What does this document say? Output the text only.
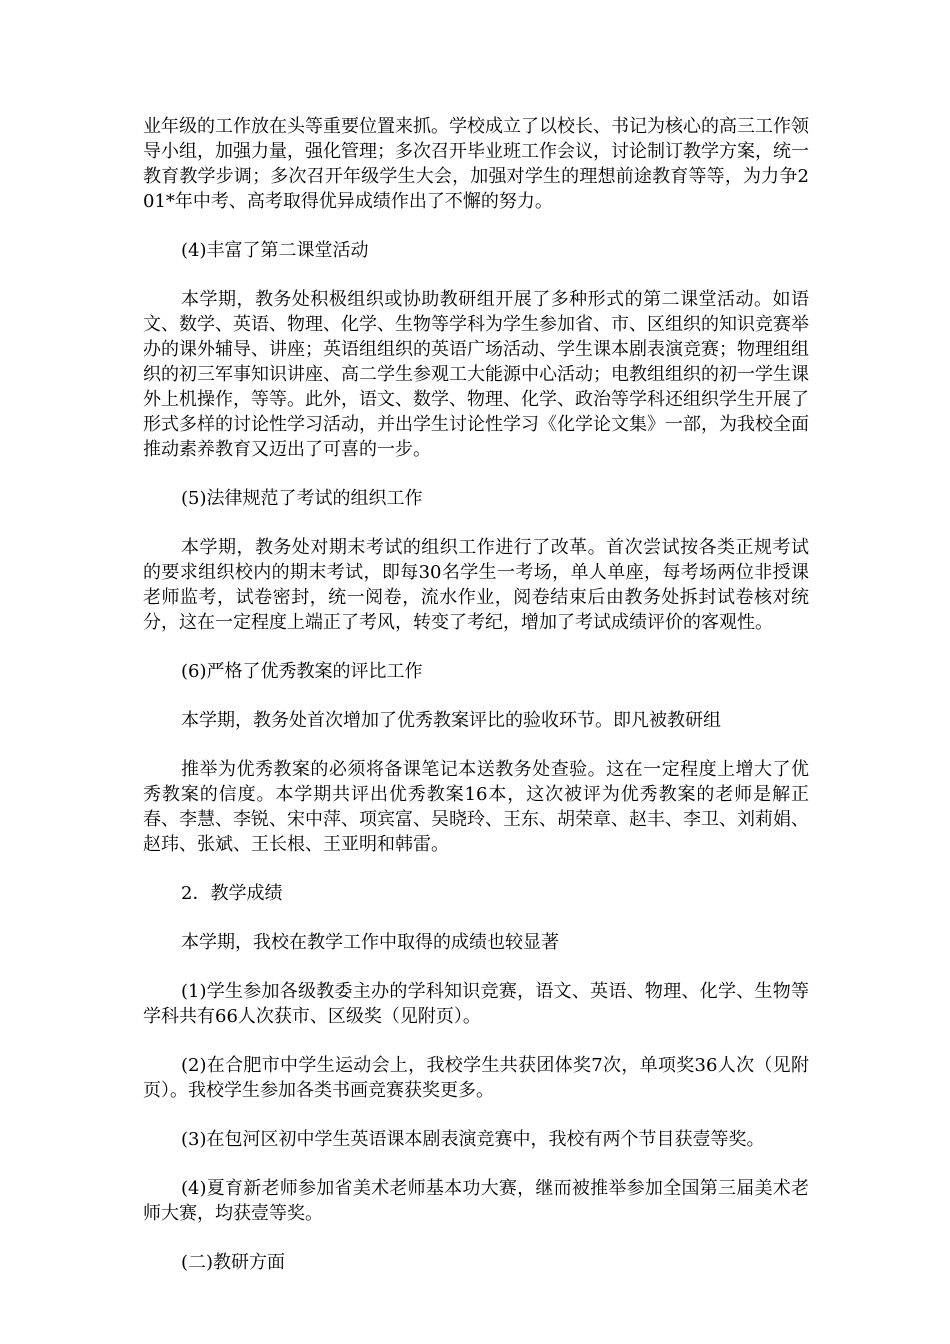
业年级的工作放在头等重要位置来抓。学校成立了以校长、书记为核心的高三工作领导小组，加强力量，强化管理；多次召开毕业班工作会议，讨论制订教学方案，统一教育教学步调；多次召开年级学生大会，加强对学生的理想前途教育等等，为力争201*年中考、高考取得优异成绩作出了不懈的努力。

(4)丰富了第二课堂活动

本学期，教务处积极组织或协助教研组开展了多种形式的第二课堂活动。如语文、数学、英语、物理、化学、生物等学科为学生参加省、市、区组织的知识竞赛举办的课外辅导、讲座；英语组组织的英语广场活动、学生课本剧表演竞赛；物理组组织的初三军事知识讲座、高二学生参观工大能源中心活动；电教组组织的初一学生课外上机操作，等等。此外，语文、数学、物理、化学、政治等学科还组织学生开展了形式多样的讨论性学习活动，并出学生讨论性学习《化学论文集》一部，为我校全面推动素养教育又迈出了可喜的一步。

(5)法律规范了考试的组织工作

本学期，教务处对期末考试的组织工作进行了改革。首次尝试按各类正规考试的要求组织校内的期末考试，即每30名学生一考场，单人单座，每考场两位非授课老师监考，试卷密封，统一阅卷，流水作业，阅卷结束后由教务处拆封试卷核对统分，这在一定程度上端正了考风，转变了考纪，增加了考试成绩评价的客观性。

(6)严格了优秀教案的评比工作

本学期，教务处首次增加了优秀教案评比的验收环节。即凡被教研组

推举为优秀教案的必须将备课笔记本送教务处查验。这在一定程度上增大了优秀教案的信度。本学期共评出优秀教案16本，这次被评为优秀教案的老师是解正春、李慧、李锐、宋中萍、项宾富、吴晓玲、王东、胡荣章、赵丰、李卫、刘莉娟、赵玮、张斌、王长根、王亚明和韩雷。

2．教学成绩

本学期，我校在教学工作中取得的成绩也较显著

(1)学生参加各级教委主办的学科知识竞赛，语文、英语、物理、化学、生物等学科共有66人次获市、区级奖（见附页）。

(2)在合肥市中学生运动会上，我校学生共获团体奖7次，单项奖36人次（见附页）。我校学生参加各类书画竞赛获奖更多。

(3)在包河区初中学生英语课本剧表演竞赛中，我校有两个节目获壹等奖。

(4)夏育新老师参加省美术老师基本功大赛，继而被推举参加全国第三届美术老师大赛，均获壹等奖。

(二)教研方面
